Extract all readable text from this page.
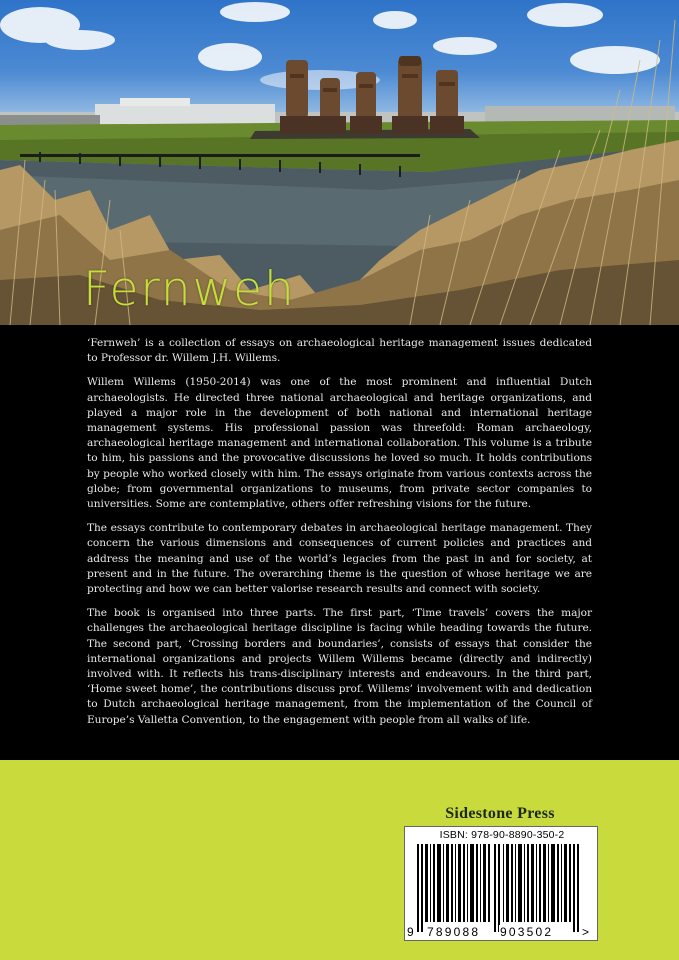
Fernweh

‘Fernweh’ is a collection of essays on archaeological heritage management issues dedicated to Professor dr. Willem J.H. Willems.

Willem Willems (1950-2014) was one of the most prominent and influential Dutch archaeologists. He directed three national archaeological and heritage organizations, and played a major role in the development of both national and international heritage management systems. His professional passion was threefold: Roman archaeology, archaeological heritage management and international collaboration. This volume is a tribute to him, his passions and the provocative discussions he loved so much. It holds contributions by people who worked closely with him. The essays originate from various contexts across the globe; from governmental organizations to museums, from private sector companies to universities. Some are contemplative, others offer refreshing visions for the future.

The essays contribute to contemporary debates in archaeological heritage management. They concern the various dimensions and consequences of current policies and practices and address the meaning and use of the world’s legacies from the past in and for society, at present and in the future. The overarching theme is the question of whose heritage we are protecting and how we can better valorise research results and connect with society.

The book is organised into three parts. The first part, ‘Time travels’ covers the major challenges the archaeological heritage discipline is facing while heading towards the future. The second part, ‘Crossing borders and boundaries’, consists of essays that consider the international organizations and projects Willem Willems became (directly and indirectly) involved with. It reflects his trans-disciplinary interests and endeavours. In the third part, ‘Home sweet home’, the contributions discuss prof. Willems’ involvement with and dedication to Dutch archaeological heritage management, from the implementation of the Council of Europe’s Valletta Convention, to the engagement with people from all walks of life.

Sidestone Press
ISBN: 978-90-8890-350-2
9 789088 903502 >
